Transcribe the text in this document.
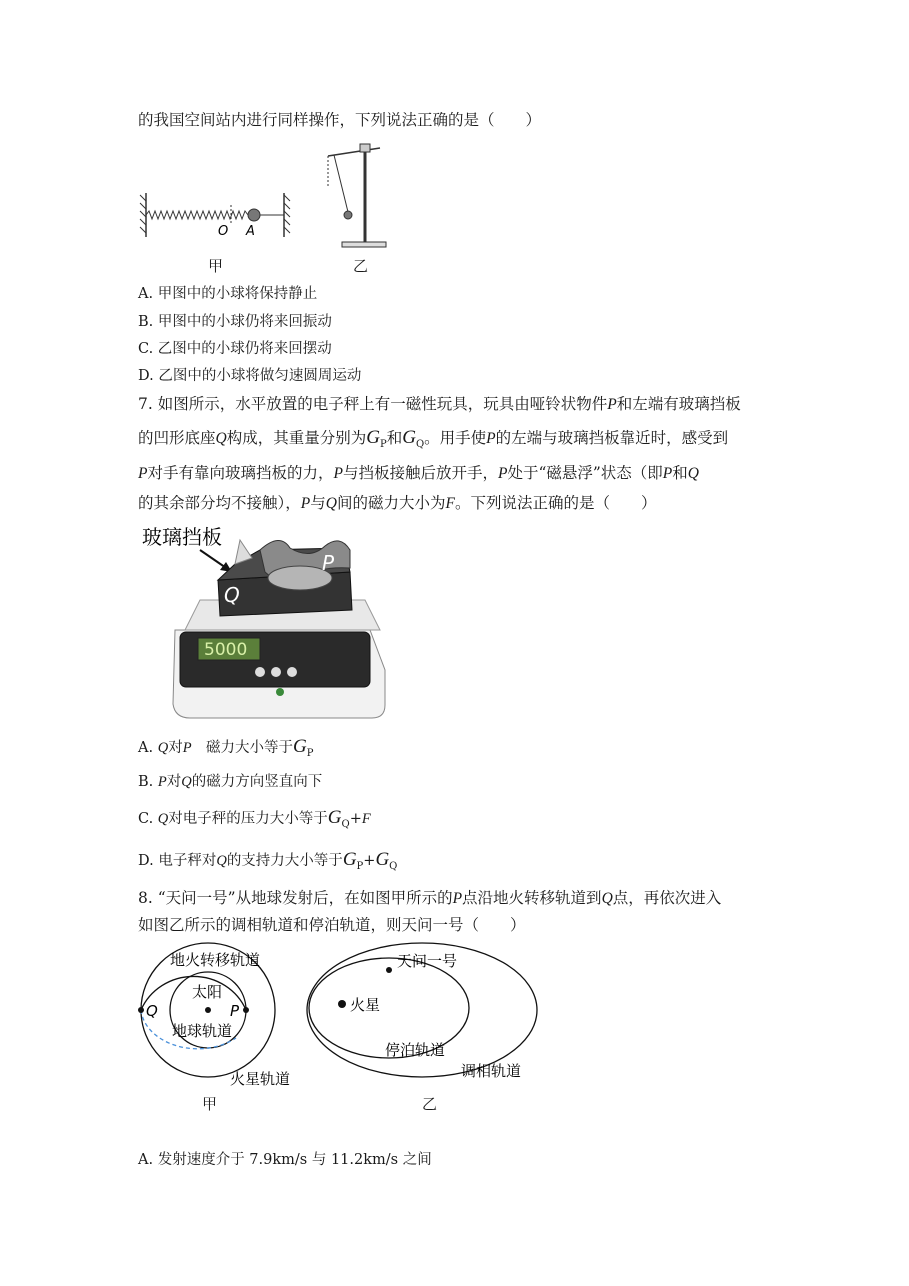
的我国空间站内进行同样操作，下列说法正确的是（　　）
O A
甲	乙
A. 甲图中的小球将保持静止
B. 甲图中的小球仍将来回振动
C. 乙图中的小球仍将来回摆动
D. 乙图中的小球将做匀速圆周运动
7. 如图所示，水平放置的电子秤上有一磁性玩具，玩具由哑铃状物件P和左端有玻璃挡板
的凹形底座Q构成，其重量分别为$G_P$和$G_Q$。用手使P的左端与玻璃挡板靠近时，感受到
P对手有靠向玻璃挡板的力，P与挡板接触后放开手，P处于“磁悬浮”状态（即P和Q
的其余部分均不接触），P与Q间的磁力大小为F。下列说法正确的是（　　）
玻璃挡板
5000
Q
P
A. Q对P　磁力大小等于$G_P$
B. P对Q的磁力方向竖直向下
C. Q对电子秤的压力大小等于$G_Q+F$
D. 电子秤对Q的支持力大小等于$G_P+G_Q$
8. “天问一号”从地球发射后，在如图甲所示的P点沿地火转移轨道到Q点，再依次进入
如图乙所示的调相轨道和停泊轨道，则天问一号（　　）
地火转移轨道
太阳
地球轨道
火星轨道
P
Q
甲
天问一号
火星
停泊轨道
调相轨道
乙
A. 发射速度介于 7.9km/s 与 11.2km/s 之间
